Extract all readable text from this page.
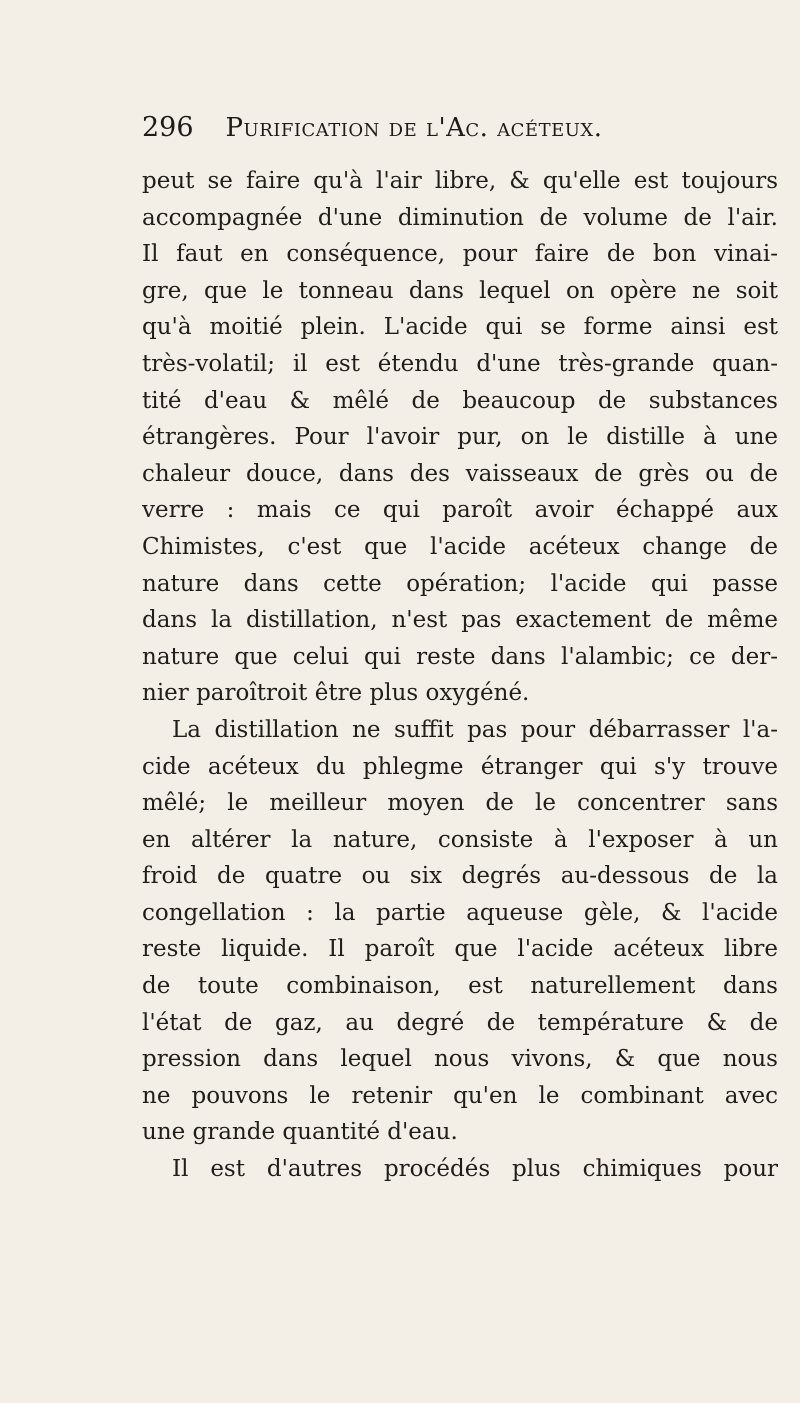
296 Purification de l'Ac. acéteux.
peut se faire qu'à l'air libre, & qu'elle est toujours
accompagnée d'une diminution de volume de l'air.
Il faut en conséquence, pour faire de bon vinai-
gre, que le tonneau dans lequel on opère ne soit
qu'à moitié plein. L'acide qui se forme ainsi est
très-volatil; il est étendu d'une très-grande quan-
tité d'eau & mêlé de beaucoup de substances
étrangères. Pour l'avoir pur, on le distille à une
chaleur douce, dans des vaisseaux de grès ou de
verre : mais ce qui paroît avoir échappé aux
Chimistes, c'est que l'acide acéteux change de
nature dans cette opération; l'acide qui passe
dans la distillation, n'est pas exactement de même
nature que celui qui reste dans l'alambic; ce der-
nier paroîtroit être plus oxygéné.
La distillation ne suffit pas pour débarrasser l'a-
cide acéteux du phlegme étranger qui s'y trouve
mêlé; le meilleur moyen de le concentrer sans
en altérer la nature, consiste à l'exposer à un
froid de quatre ou six degrés au-dessous de la
congellation : la partie aqueuse gèle, & l'acide
reste liquide. Il paroît que l'acide acéteux libre
de toute combinaison, est naturellement dans
l'état de gaz, au degré de température & de
pression dans lequel nous vivons, & que nous
ne pouvons le retenir qu'en le combinant avec
une grande quantité d'eau.
Il est d'autres procédés plus chimiques pour
